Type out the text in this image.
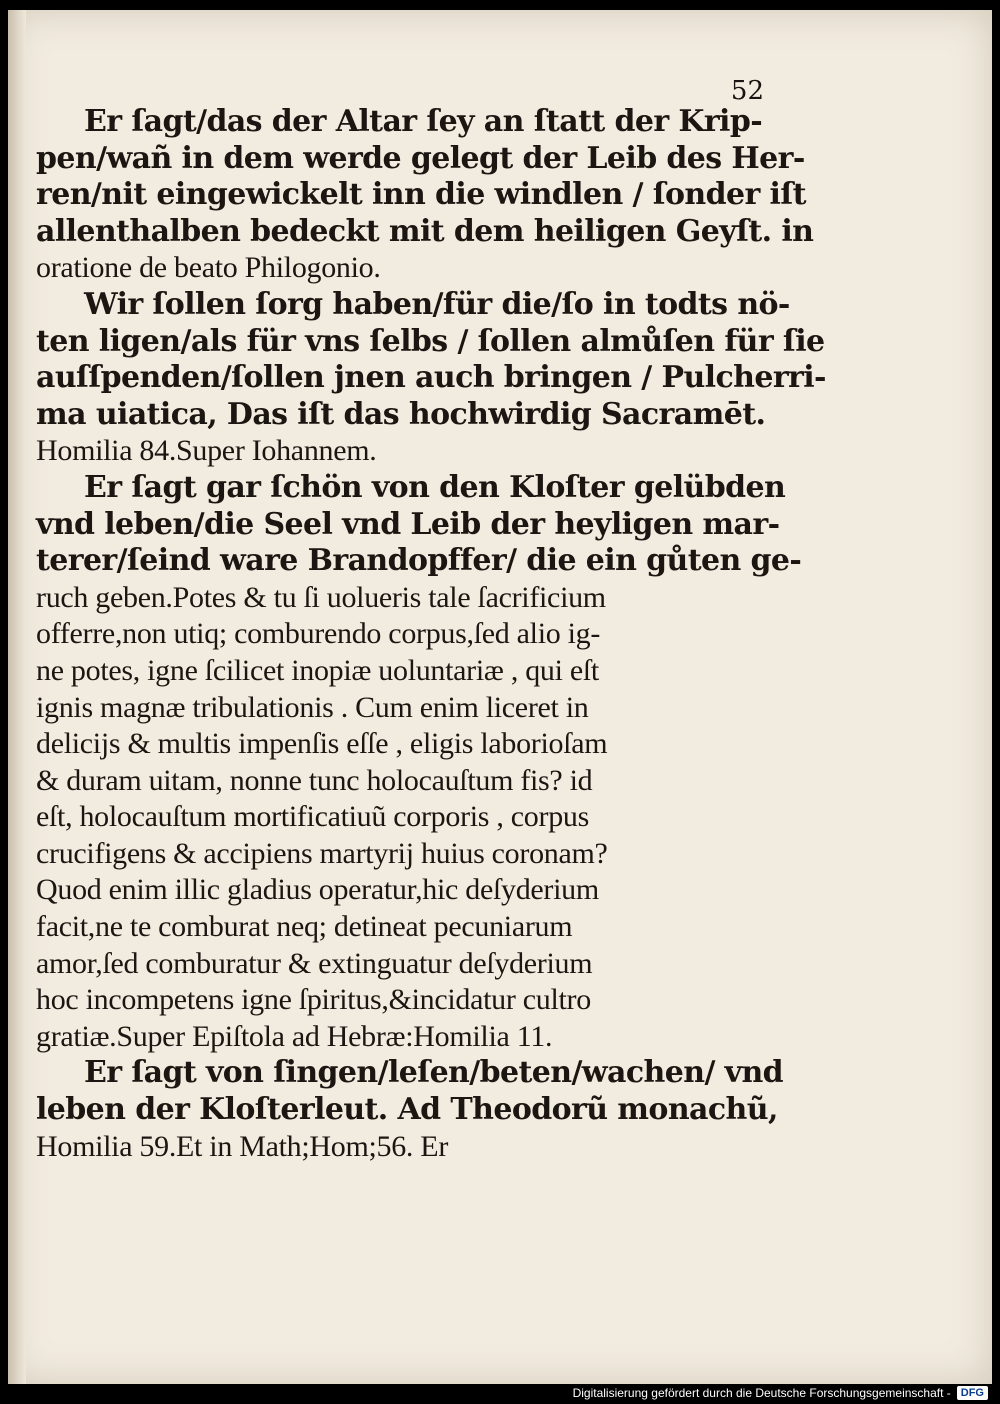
52
Er ſagt/das der Altar ſey an ſtatt der Krip-
pen/wañ in dem werde gelegt der Leib des Her-
ren/nit eingewickelt inn die windlen / ſonder iſt
allenthalben bedeckt mit dem heiligen Geyſt. in
oratione de beato Philogonio.
Wir ſollen ſorg haben/für die/ſo in todts nö-
ten ligen/als für vns ſelbs / ſollen almůſen für ſie
auſſpenden/ſollen jnen auch bringen / Pulcherri-
ma uiatica, Das iſt das hochwirdig Sacramēt.
Homilia 84.Super Iohannem.
Er ſagt gar ſchön von den Kloſter gelübden
vnd leben/die Seel vnd Leib der heyligen mar-
terer/ſeind ware Brandopffer/ die ein gůten ge-
ruch geben.Potes & tu ſi uolueris tale ſacrificium
offerre,non utiq; comburendo corpus,ſed alio ig-
ne potes, igne ſcilicet inopiæ uoluntariæ , qui eſt
ignis magnæ tribulationis . Cum enim liceret in
delicijs & multis impenſis eſſe , eligis laborioſam
& duram uitam, nonne tunc holocauſtum fis? id
eſt, holocauſtum mortificatiuũ corporis , corpus
crucifigens & accipiens martyrij huius coronam?
Quod enim illic gladius operatur,hic deſyderium
facit,ne te comburat neq; detineat pecuniarum
amor,ſed comburatur & extinguatur deſyderium
hoc incompetens igne ſpiritus,&incidatur cultro
gratiæ.Super Epiſtola ad Hebræ:Homilia 11.
Er ſagt von ſingen/leſen/beten/wachen/ vnd
leben der Kloſterleut. Ad Theodorũ monachũ,
Homilia 59.Et in Math;Hom;56. Er
Digitalisierung gefördert durch die Deutsche Forschungsgemeinschaft - DFG
